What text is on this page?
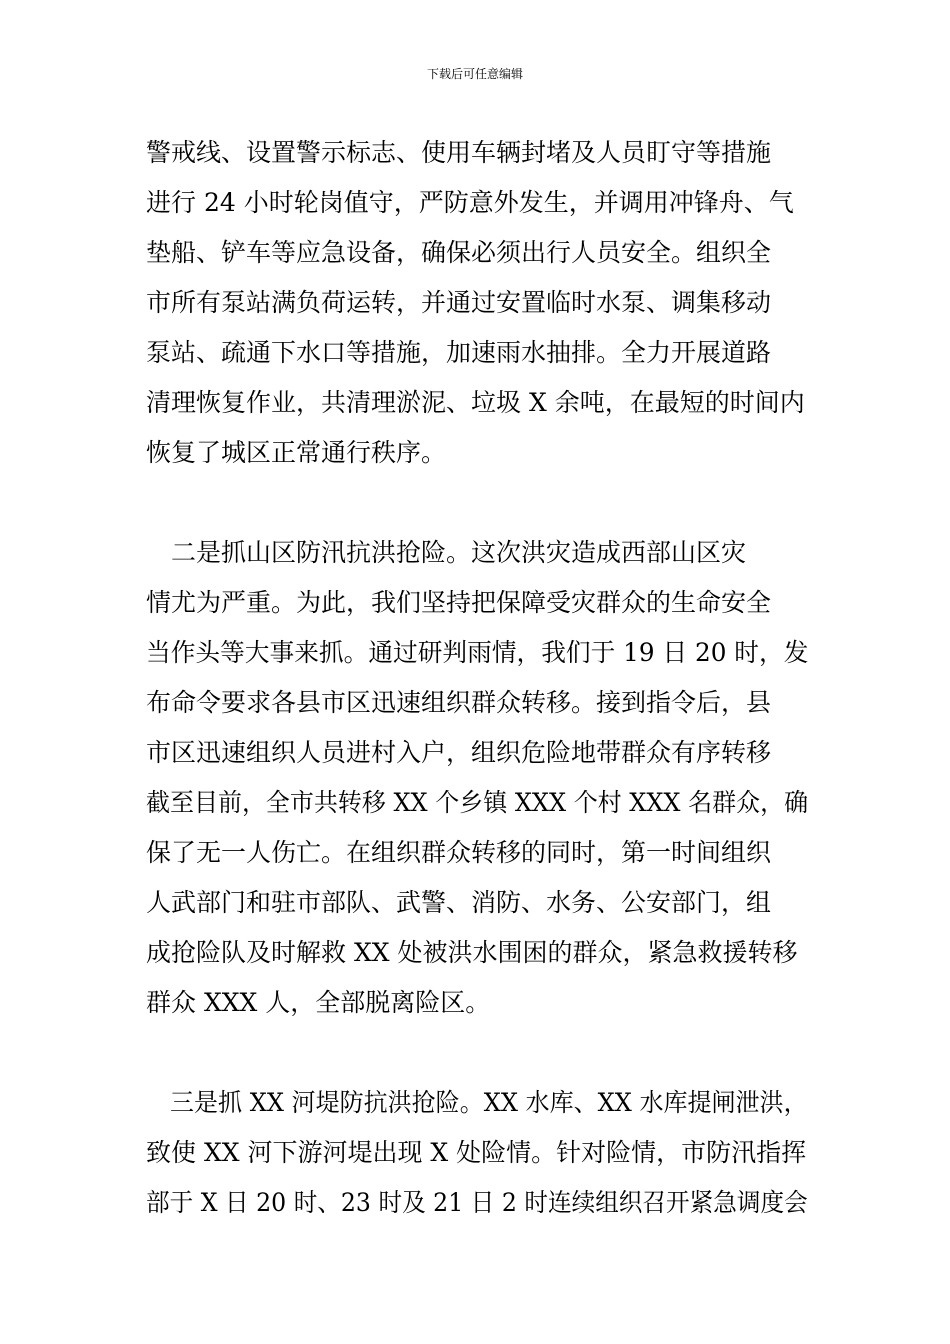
下载后可任意编辑
警戒线、设置警示标志、使用车辆封堵及人员盯守等措施
进行 24 小时轮岗值守，严防意外发生，并调用冲锋舟、气
垫船、铲车等应急设备，确保必须出行人员安全。组织全
市所有泵站满负荷运转，并通过安置临时水泵、调集移动
泵站、疏通下水口等措施，加速雨水抽排。全力开展道路
清理恢复作业，共清理淤泥、垃圾 X 余吨，在最短的时间内
恢复了城区正常通行秩序。
　二是抓山区防汛抗洪抢险。这次洪灾造成西部山区灾
情尤为严重。为此，我们坚持把保障受灾群众的生命安全
当作头等大事来抓。通过研判雨情，我们于 19 日 20 时，发
布命令要求各县市区迅速组织群众转移。接到指令后，县
市区迅速组织人员进村入户，组织危险地带群众有序转移
截至目前，全市共转移 XX 个乡镇 XXX 个村 XXX 名群众，确
保了无一人伤亡。在组织群众转移的同时，第一时间组织
人武部门和驻市部队、武警、消防、水务、公安部门，组
成抢险队及时解救 XX 处被洪水围困的群众，紧急救援转移
群众 XXX 人，全部脱离险区。
　三是抓 XX 河堤防抗洪抢险。XX 水库、XX 水库提闸泄洪，
致使 XX 河下游河堤出现 X 处险情。针对险情，市防汛指挥
部于 X 日 20 时、23 时及 21 日 2 时连续组织召开紧急调度会
